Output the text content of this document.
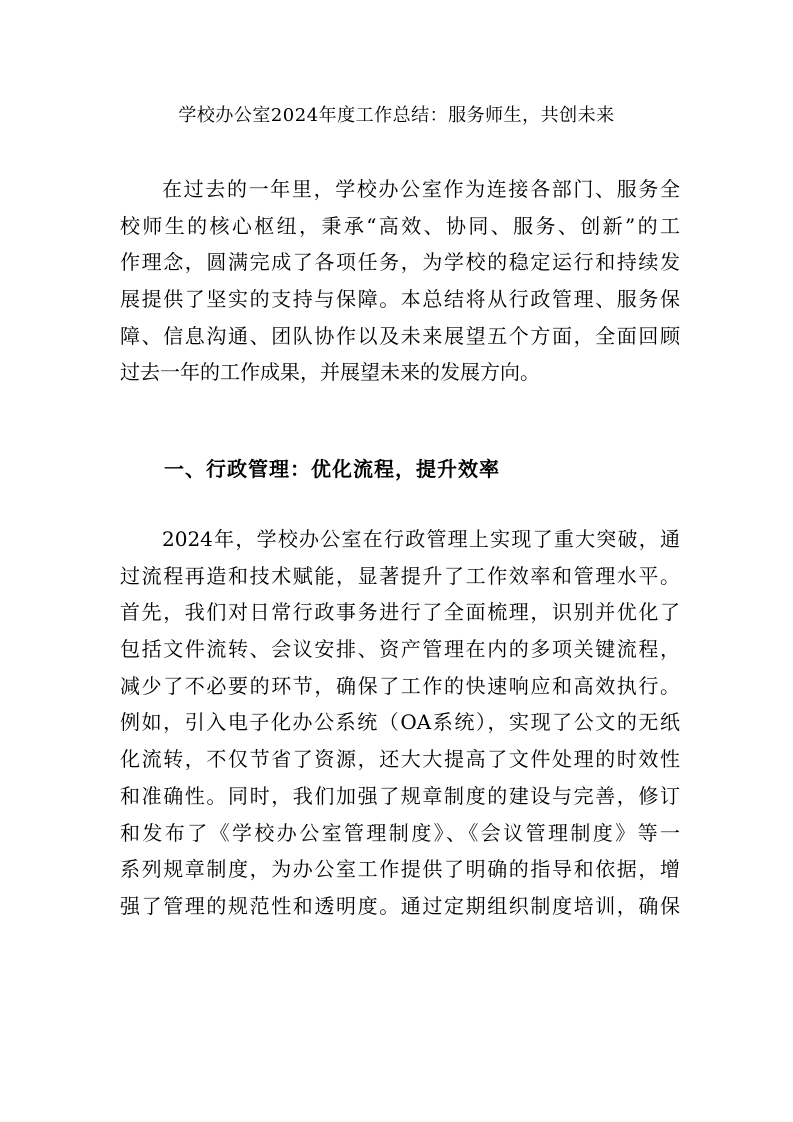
学校办公室2024年度工作总结：服务师生，共创未来
在过去的一年里，学校办公室作为连接各部门、服务全
校师生的核心枢纽，秉承“高效、协同、服务、创新”的工
作理念，圆满完成了各项任务，为学校的稳定运行和持续发
展提供了坚实的支持与保障。本总结将从行政管理、服务保
障、信息沟通、团队协作以及未来展望五个方面，全面回顾
过去一年的工作成果，并展望未来的发展方向。
一、行政管理：优化流程，提升效率
2024年，学校办公室在行政管理上实现了重大突破，通
过流程再造和技术赋能，显著提升了工作效率和管理水平。
首先，我们对日常行政事务进行了全面梳理，识别并优化了
包括文件流转、会议安排、资产管理在内的多项关键流程，
减少了不必要的环节，确保了工作的快速响应和高效执行。
例如，引入电子化办公系统（OA系统），实现了公文的无纸
化流转，不仅节省了资源，还大大提高了文件处理的时效性
和准确性。同时，我们加强了规章制度的建设与完善，修订
和发布了《学校办公室管理制度》、《会议管理制度》等一
系列规章制度，为办公室工作提供了明确的指导和依据，增
强了管理的规范性和透明度。通过定期组织制度培训，确保
